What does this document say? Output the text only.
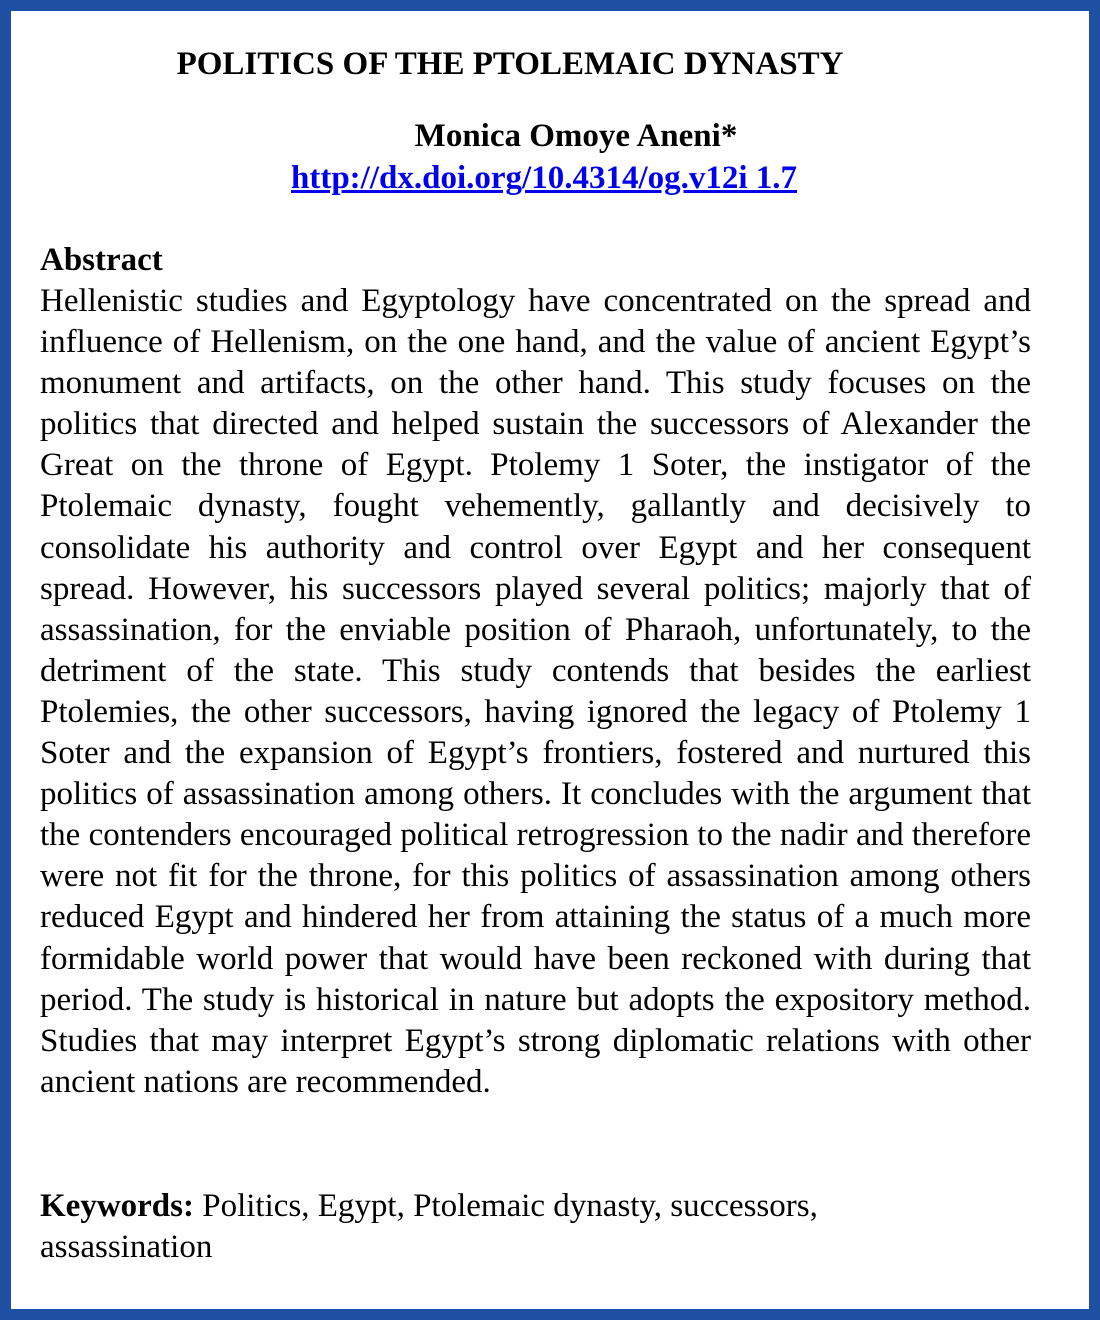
POLITICS OF THE PTOLEMAIC DYNASTY
Monica Omoye Aneni*
http://dx.doi.org/10.4314/og.v12i 1.7
Abstract

Hellenistic studies and Egyptology have concentrated on the spread and influence of Hellenism, on the one hand, and the value of ancient Egypt’s monument and artifacts, on the other hand. This study focuses on the politics that directed and helped sustain the successors of Alexander the Great on the throne of Egypt. Ptolemy 1 Soter, the instigator of the Ptolemaic dynasty, fought vehemently, gallantly and decisively to consolidate his authority and control over Egypt and her consequent spread. However, his successors played several politics; majorly that of assassination, for the enviable position of Pharaoh, unfortunately, to the detriment of the state. This study contends that besides the earliest Ptolemies, the other successors, having ignored the legacy of Ptolemy 1 Soter and the expansion of Egypt’s frontiers, fostered and nurtured this politics of assassination among others. It concludes with the argument that the contenders encouraged political retrogression to the nadir and therefore were not fit for the throne, for this politics of assassination among others reduced Egypt and hindered her from attaining the status of a much more formidable world power that would have been reckoned with during that period. The study is historical in nature but adopts the expository method. Studies that may interpret Egypt’s strong diplomatic relations with other ancient nations are recommended.

Keywords: Politics, Egypt, Ptolemaic dynasty, successors, assassination
